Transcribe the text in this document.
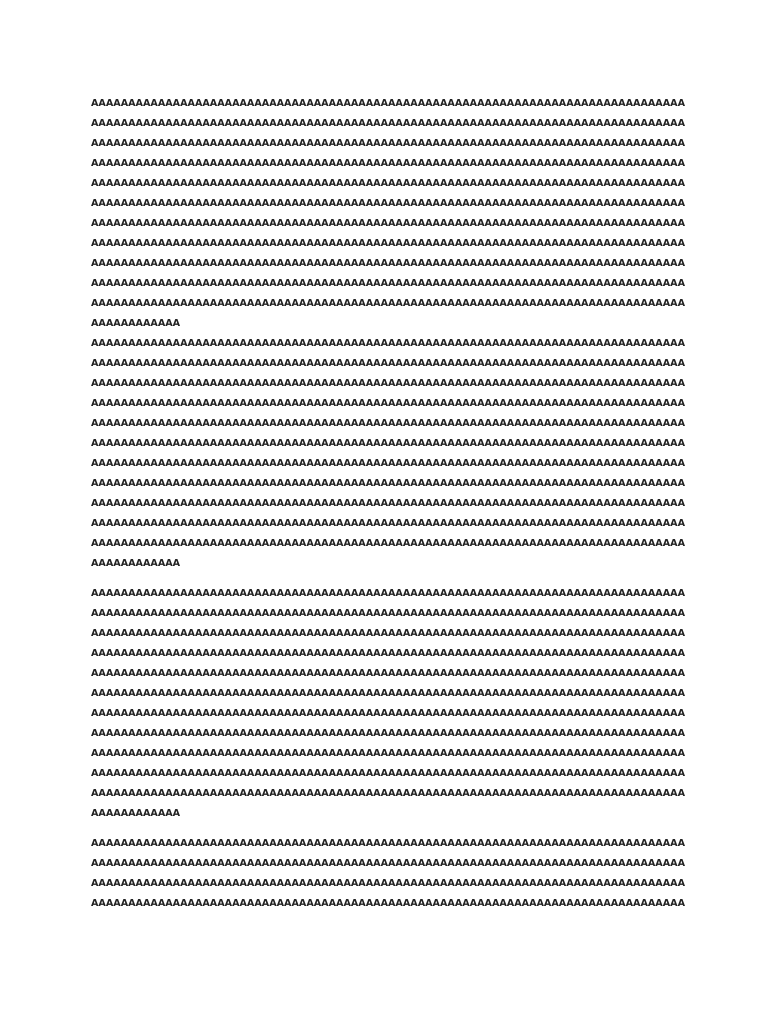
AAAAAAAAAAAAAAAAAAAAAAAAAAAAAAAAAAAAAAAAAAAAAAAAAAAAAAAAAAAAAAAAAAAAAAAAAAAAAAAA
AAAAAAAAAAAAAAAAAAAAAAAAAAAAAAAAAAAAAAAAAAAAAAAAAAAAAAAAAAAAAAAAAAAAAAAAAAAAAAAA
AAAAAAAAAAAAAAAAAAAAAAAAAAAAAAAAAAAAAAAAAAAAAAAAAAAAAAAAAAAAAAAAAAAAAAAAAAAAAAAA
AAAAAAAAAAAAAAAAAAAAAAAAAAAAAAAAAAAAAAAAAAAAAAAAAAAAAAAAAAAAAAAAAAAAAAAAAAAAAAAA
AAAAAAAAAAAAAAAAAAAAAAAAAAAAAAAAAAAAAAAAAAAAAAAAAAAAAAAAAAAAAAAAAAAAAAAAAAAAAAAA
AAAAAAAAAAAAAAAAAAAAAAAAAAAAAAAAAAAAAAAAAAAAAAAAAAAAAAAAAAAAAAAAAAAAAAAAAAAAAAAA
AAAAAAAAAAAAAAAAAAAAAAAAAAAAAAAAAAAAAAAAAAAAAAAAAAAAAAAAAAAAAAAAAAAAAAAAAAAAAAAA
AAAAAAAAAAAAAAAAAAAAAAAAAAAAAAAAAAAAAAAAAAAAAAAAAAAAAAAAAAAAAAAAAAAAAAAAAAAAAAAA
AAAAAAAAAAAAAAAAAAAAAAAAAAAAAAAAAAAAAAAAAAAAAAAAAAAAAAAAAAAAAAAAAAAAAAAAAAAAAAAA
AAAAAAAAAAAAAAAAAAAAAAAAAAAAAAAAAAAAAAAAAAAAAAAAAAAAAAAAAAAAAAAAAAAAAAAAAAAAAAAA
AAAAAAAAAAAAAAAAAAAAAAAAAAAAAAAAAAAAAAAAAAAAAAAAAAAAAAAAAAAAAAAAAAAAAAAAAAAAAAAA
AAAAAAAAAAAA
AAAAAAAAAAAAAAAAAAAAAAAAAAAAAAAAAAAAAAAAAAAAAAAAAAAAAAAAAAAAAAAAAAAAAAAAAAAAAAAA
AAAAAAAAAAAAAAAAAAAAAAAAAAAAAAAAAAAAAAAAAAAAAAAAAAAAAAAAAAAAAAAAAAAAAAAAAAAAAAAA
AAAAAAAAAAAAAAAAAAAAAAAAAAAAAAAAAAAAAAAAAAAAAAAAAAAAAAAAAAAAAAAAAAAAAAAAAAAAAAAA
AAAAAAAAAAAAAAAAAAAAAAAAAAAAAAAAAAAAAAAAAAAAAAAAAAAAAAAAAAAAAAAAAAAAAAAAAAAAAAAA
AAAAAAAAAAAAAAAAAAAAAAAAAAAAAAAAAAAAAAAAAAAAAAAAAAAAAAAAAAAAAAAAAAAAAAAAAAAAAAAA
AAAAAAAAAAAAAAAAAAAAAAAAAAAAAAAAAAAAAAAAAAAAAAAAAAAAAAAAAAAAAAAAAAAAAAAAAAAAAAAA
AAAAAAAAAAAAAAAAAAAAAAAAAAAAAAAAAAAAAAAAAAAAAAAAAAAAAAAAAAAAAAAAAAAAAAAAAAAAAAAA
AAAAAAAAAAAAAAAAAAAAAAAAAAAAAAAAAAAAAAAAAAAAAAAAAAAAAAAAAAAAAAAAAAAAAAAAAAAAAAAA
AAAAAAAAAAAAAAAAAAAAAAAAAAAAAAAAAAAAAAAAAAAAAAAAAAAAAAAAAAAAAAAAAAAAAAAAAAAAAAAA
AAAAAAAAAAAAAAAAAAAAAAAAAAAAAAAAAAAAAAAAAAAAAAAAAAAAAAAAAAAAAAAAAAAAAAAAAAAAAAAA
AAAAAAAAAAAAAAAAAAAAAAAAAAAAAAAAAAAAAAAAAAAAAAAAAAAAAAAAAAAAAAAAAAAAAAAAAAAAAAAA
AAAAAAAAAAAA
AAAAAAAAAAAAAAAAAAAAAAAAAAAAAAAAAAAAAAAAAAAAAAAAAAAAAAAAAAAAAAAAAAAAAAAAAAAAAAAA
AAAAAAAAAAAAAAAAAAAAAAAAAAAAAAAAAAAAAAAAAAAAAAAAAAAAAAAAAAAAAAAAAAAAAAAAAAAAAAAA
AAAAAAAAAAAAAAAAAAAAAAAAAAAAAAAAAAAAAAAAAAAAAAAAAAAAAAAAAAAAAAAAAAAAAAAAAAAAAAAA
AAAAAAAAAAAAAAAAAAAAAAAAAAAAAAAAAAAAAAAAAAAAAAAAAAAAAAAAAAAAAAAAAAAAAAAAAAAAAAAA
AAAAAAAAAAAAAAAAAAAAAAAAAAAAAAAAAAAAAAAAAAAAAAAAAAAAAAAAAAAAAAAAAAAAAAAAAAAAAAAA
AAAAAAAAAAAAAAAAAAAAAAAAAAAAAAAAAAAAAAAAAAAAAAAAAAAAAAAAAAAAAAAAAAAAAAAAAAAAAAAA
AAAAAAAAAAAAAAAAAAAAAAAAAAAAAAAAAAAAAAAAAAAAAAAAAAAAAAAAAAAAAAAAAAAAAAAAAAAAAAAA
AAAAAAAAAAAAAAAAAAAAAAAAAAAAAAAAAAAAAAAAAAAAAAAAAAAAAAAAAAAAAAAAAAAAAAAAAAAAAAAA
AAAAAAAAAAAAAAAAAAAAAAAAAAAAAAAAAAAAAAAAAAAAAAAAAAAAAAAAAAAAAAAAAAAAAAAAAAAAAAAA
AAAAAAAAAAAAAAAAAAAAAAAAAAAAAAAAAAAAAAAAAAAAAAAAAAAAAAAAAAAAAAAAAAAAAAAAAAAAAAAA
AAAAAAAAAAAAAAAAAAAAAAAAAAAAAAAAAAAAAAAAAAAAAAAAAAAAAAAAAAAAAAAAAAAAAAAAAAAAAAAA
AAAAAAAAAAAA
AAAAAAAAAAAAAAAAAAAAAAAAAAAAAAAAAAAAAAAAAAAAAAAAAAAAAAAAAAAAAAAAAAAAAAAAAAAAAAAA
AAAAAAAAAAAAAAAAAAAAAAAAAAAAAAAAAAAAAAAAAAAAAAAAAAAAAAAAAAAAAAAAAAAAAAAAAAAAAAAA
AAAAAAAAAAAAAAAAAAAAAAAAAAAAAAAAAAAAAAAAAAAAAAAAAAAAAAAAAAAAAAAAAAAAAAAAAAAAAAAA
AAAAAAAAAAAAAAAAAAAAAAAAAAAAAAAAAAAAAAAAAAAAAAAAAAAAAAAAAAAAAAAAAAAAAAAAAAAAAAAA
